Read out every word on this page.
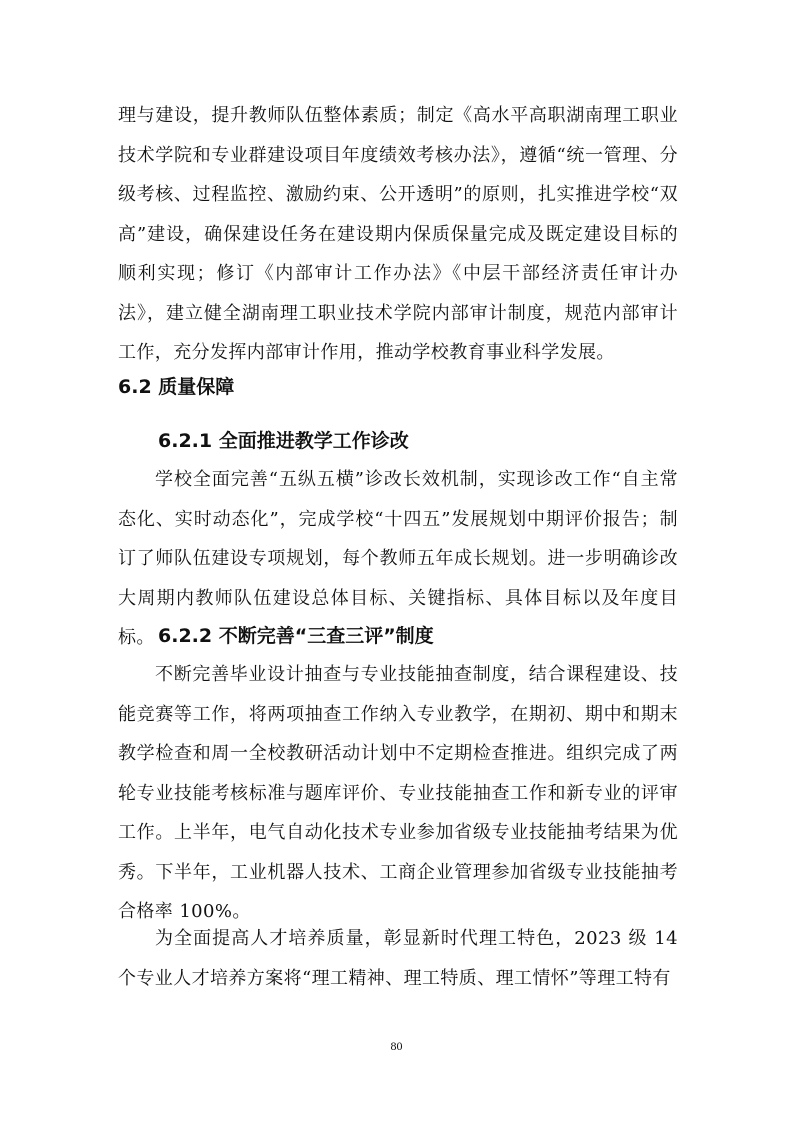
理与建设，提升教师队伍整体素质；制定《高水平高职湖南理工职业技术学院和专业群建设项目年度绩效考核办法》，遵循“统一管理、分级考核、过程监控、激励约束、公开透明”的原则，扎实推进学校“双高”建设，确保建设任务在建设期内保质保量完成及既定建设目标的顺利实现；修订《内部审计工作办法》《中层干部经济责任审计办法》，建立健全湖南理工职业技术学院内部审计制度，规范内部审计工作，充分发挥内部审计作用，推动学校教育事业科学发展。

6.2 质量保障
6.2.1 全面推进教学工作诊改

学校全面完善“五纵五横”诊改长效机制，实现诊改工作“自主常态化、实时动态化”，完成学校“十四五”发展规划中期评价报告；制订了师队伍建设专项规划，每个教师五年成长规划。进一步明确诊改大周期内教师队伍建设总体目标、关键指标、具体目标以及年度目标。 6.2.2 不断完善“三查三评”制度

不断完善毕业设计抽查与专业技能抽查制度，结合课程建设、技能竞赛等工作，将两项抽查工作纳入专业教学，在期初、期中和期末教学检查和周一全校教研活动计划中不定期检查推进。组织完成了两轮专业技能考核标准与题库评价、专业技能抽查工作和新专业的评审工作。上半年，电气自动化技术专业参加省级专业技能抽考结果为优秀。下半年，工业机器人技术、工商企业管理参加省级专业技能抽考合格率 100%。

为全面提高人才培养质量，彰显新时代理工特色，2023 级 14 个专业人才培养方案将“理工精神、理工特质、理工情怀”等理工特有

80
